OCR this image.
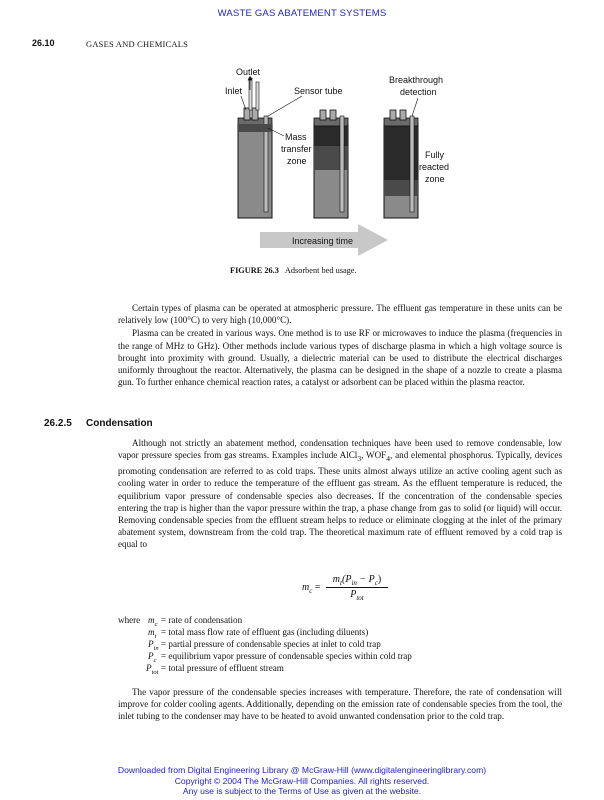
WASTE GAS ABATEMENT SYSTEMS
26.10	GASES AND CHEMICALS
Outlet
Inlet	Sensor tube
Breakthrough
detection
Mass
transfer
zone
Fully
reacted
zone
Increasing time
FIGURE 26.3 Adsorbent bed usage.

Certain types of plasma can be operated at atmospheric pressure. The effluent gas temperature in these units can be relatively low (100°C) to very high (10,000°C).

Plasma can be created in various ways. One method is to use RF or microwaves to induce the plasma (frequencies in the range of MHz to GHz). Other methods include various types of discharge plasma in which a high voltage source is brought into proximity with ground. Usually, a dielectric material can be used to distribute the electrical discharges uniformly throughout the reactor. Alternatively, the plasma can be designed in the shape of a nozzle to create a plasma gun. To further enhance chemical reaction rates, a catalyst or adsorbent can be placed within the plasma reactor.

26.2.5 Condensation

Although not strictly an abatement method, condensation techniques have been used to remove condensable, low vapor pressure species from gas streams. Examples include AlCl$_3$, $WOF_4$, and elemental phosphorus. Typically, devices promoting condensation are referred to as cold traps. These units almost always utilize an active cooling agent such as cooling water in order to reduce the temperature of the effluent gas stream. As the effluent temperature is reduced, the equilibrium vapor pressure of condensable species also decreases. If the concentration of the condensable species entering the trap is higher than the vapor pressure within the trap, a phase change from gas to solid (or liquid) will occur. Removing condensable species from the effluent stream helps to reduce or eliminate clogging at the inlet of the primary abatement system, downstream from the cold trap. The theoretical maximum rate of effluent removed by a cold trap is equal to

$m_c$ =
$m_t(P_{in} - P_c)$
$P_{tot}$
where $m_c$ = rate of condensation
$m_t$ = total mass flow rate of effluent gas (including diluents)
$P_{in}$ = partial pressure of condensable species at inlet to cold trap
$P_c$ = equilibrium vapor pressure of condensable species within cold trap
$P_{tot}$ = total pressure of effluent stream

The vapor pressure of the condensable species increases with temperature. Therefore, the rate of condensation will improve for colder cooling agents. Additionally, depending on the emission rate of condensable species from the tool, the inlet tubing to the condenser may have to be heated to avoid unwanted condensation prior to the cold trap.

Downloaded from Digital Engineering Library @ McGraw-Hill (www.digitalengineeringlibrary.com)
Copyright © 2004 The McGraw-Hill Companies. All rights reserved.
Any use is subject to the Terms of Use as given at the website.
